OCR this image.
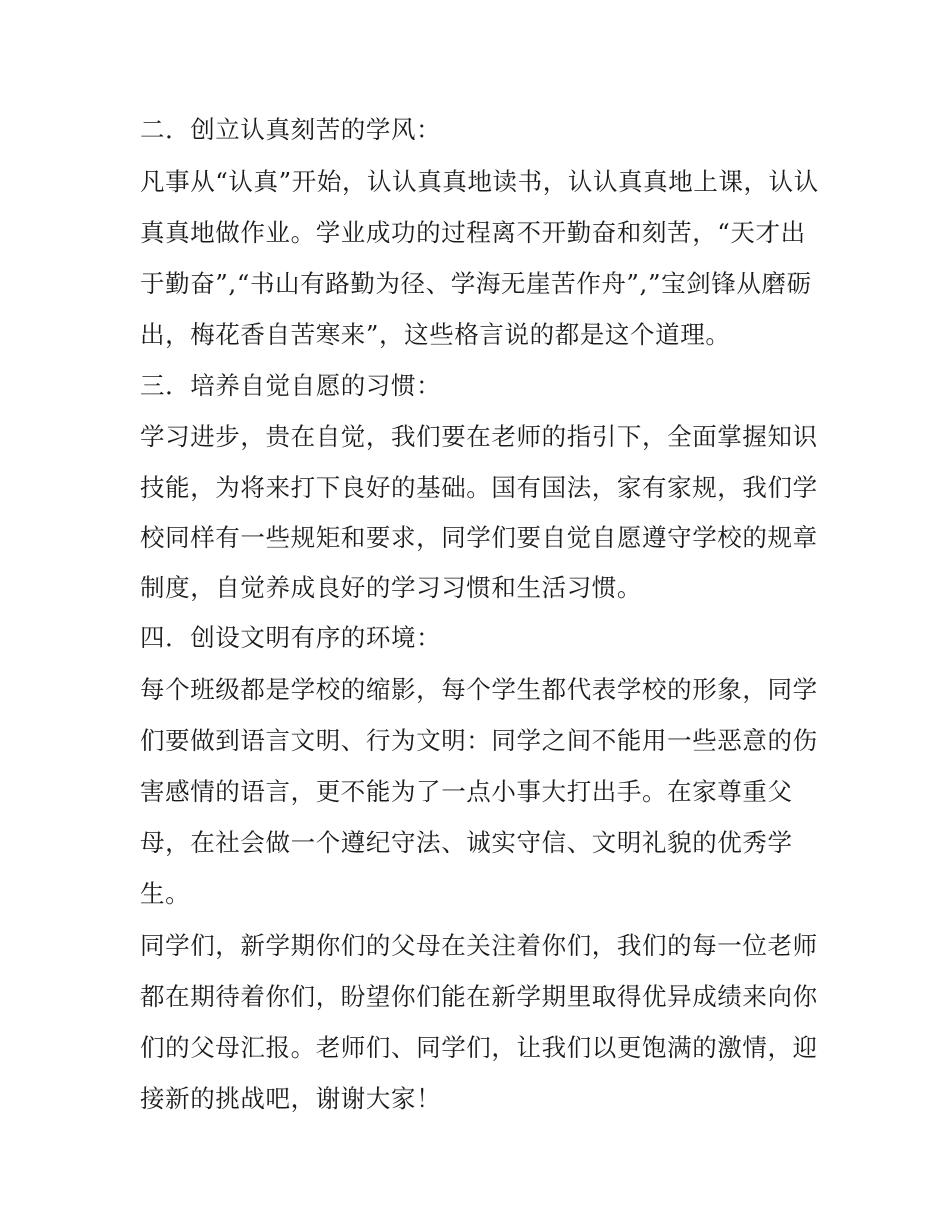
二．创立认真刻苦的学风：

凡事从“认真”开始，认认真真地读书，认认真真地上课，认认

真真地做作业。学业成功的过程离不开勤奋和刻苦，“天才出

于勤奋”,“书山有路勤为径、学海无崖苦作舟”,”宝剑锋从磨砺

出，梅花香自苦寒来”，这些格言说的都是这个道理。

三．培养自觉自愿的习惯：

学习进步，贵在自觉，我们要在老师的指引下，全面掌握知识

技能，为将来打下良好的基础。国有国法，家有家规，我们学

校同样有一些规矩和要求，同学们要自觉自愿遵守学校的规章

制度，自觉养成良好的学习习惯和生活习惯。

四．创设文明有序的环境：

每个班级都是学校的缩影，每个学生都代表学校的形象，同学

们要做到语言文明、行为文明：同学之间不能用一些恶意的伤

害感情的语言，更不能为了一点小事大打出手。在家尊重父

母，在社会做一个遵纪守法、诚实守信、文明礼貌的优秀学

生。

同学们，新学期你们的父母在关注着你们，我们的每一位老师

都在期待着你们，盼望你们能在新学期里取得优异成绩来向你

们的父母汇报。老师们、同学们，让我们以更饱满的激情，迎

接新的挑战吧，谢谢大家！
